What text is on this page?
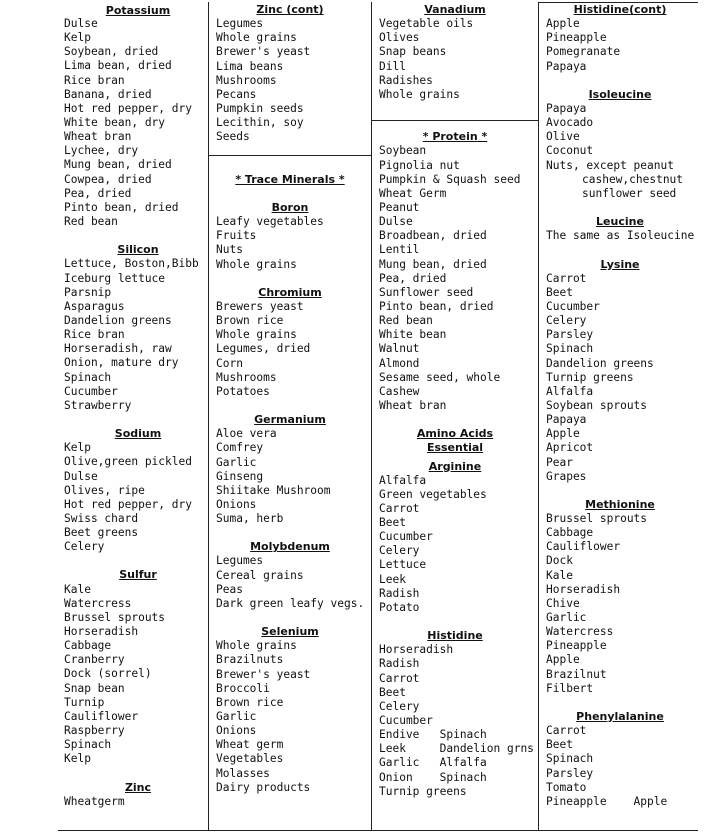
Potassium
Dulse
Kelp
Soybean, dried
Lima bean, dried
Rice bran
Banana, dried
Hot red pepper, dry
White bean, dry
Wheat bran
Lychee, dry
Mung bean, dried
Cowpea, dried
Pea, dried
Pinto bean, dried
Red bean
Silicon
Lettuce, Boston,Bibb
Iceburg lettuce
Parsnip
Asparagus
Dandelion greens
Rice bran
Horseradish, raw
Onion, mature dry
Spinach
Cucumber
Strawberry
Sodium
Kelp
Olive,green pickled
Dulse
Olives, ripe
Hot red pepper, dry
Swiss chard
Beet greens
Celery
Sulfur
Kale
Watercress
Brussel sprouts
Horseradish
Cabbage
Cranberry
Dock (sorrel)
Snap bean
Turnip
Cauliflower
Raspberry
Spinach
Kelp
Zinc
Wheatgerm
Zinc (cont)
Legumes
Whole grains
Brewer's yeast
Lima beans
Mushrooms
Pecans
Pumpkin seeds
Lecithin, soy
Seeds
* Trace Minerals *
Boron
Leafy vegetables
Fruits
Nuts
Whole grains
Chromium
Brewers yeast
Brown rice
Whole grains
Legumes, dried
Corn
Mushrooms
Potatoes
Germanium
Aloe vera
Comfrey
Garlic
Ginseng
Shiitake Mushroom
Onions
Suma, herb
Molybdenum
Legumes
Cereal grains
Peas
Dark green leafy vegs.
Selenium
Whole grains
Brazilnuts
Brewer's yeast
Broccoli
Brown rice
Garlic
Onions
Wheat germ
Vegetables
Molasses
Dairy products
Vanadium
Vegetable oils
Olives
Snap beans
Dill
Radishes
Whole grains
* Protein *
Soybean
Pignolia nut
Pumpkin & Squash seed
Wheat Germ
Peanut
Dulse
Broadbean, dried
Lentil
Mung bean, dried
Pea, dried
Sunflower seed
Pinto bean, dried
Red bean
White bean
Walnut
Almond
Sesame seed, whole
Cashew
Wheat bran
Amino Acids
Essential
Arginine
Alfalfa
Green vegetables
Carrot
Beet
Cucumber
Celery
Lettuce
Leek
Radish
Potato
Histidine
Horseradish
Radish
Carrot
Beet
Celery
Cucumber
Endive   Spinach
Leek     Dandelion grns
Garlic   Alfalfa
Onion    Spinach
Turnip greens
Histidine(cont)
Apple
Pineapple
Pomegranate
Papaya
Isoleucine
Papaya
Avocado
Olive
Coconut
Nuts, except peanut
cashew,chestnut
sunflower seed
Leucine
The same as Isoleucine
Lysine
Carrot
Beet
Cucumber
Celery
Parsley
Spinach
Dandelion greens
Turnip greens
Alfalfa
Soybean sprouts
Papaya
Apple
Apricot
Pear
Grapes
Methionine
Brussel sprouts
Cabbage
Cauliflower
Dock
Kale
Horseradish
Chive
Garlic
Watercress
Pineapple
Apple
Brazilnut
Filbert
Phenylalanine
Carrot
Beet
Spinach
Parsley
Tomato
Pineapple    Apple
